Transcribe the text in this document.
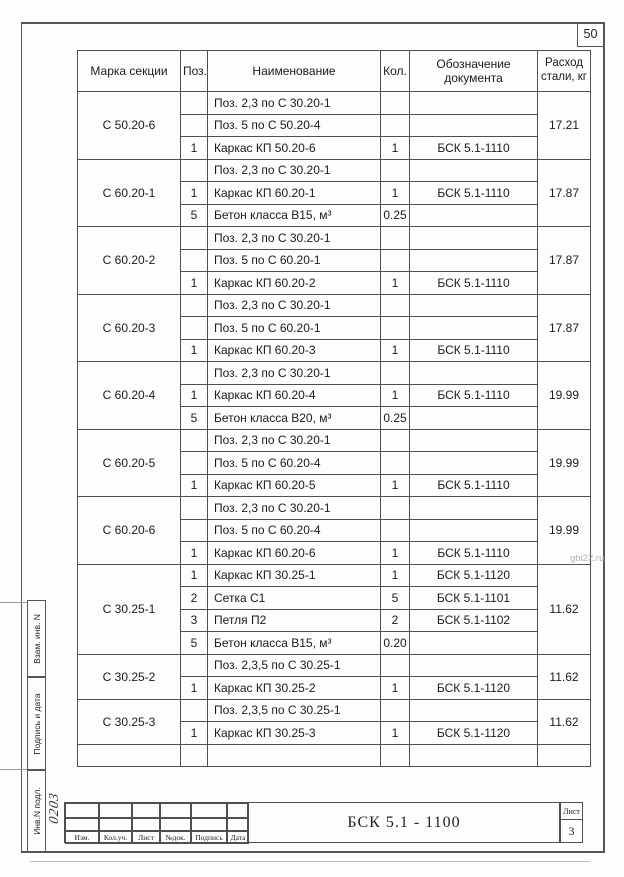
50
Марка секции	Поз.	Наименование	Кол.	Обозначение документа	Расход стали, кг
С 50.20-6		Поз. 2,3 по С 30.20-1			17.21
		Поз. 5 по С 50.20-4			
	1	Каркас КП 50.20-6	1	БСК 5.1-1110	
С 60.20-1		Поз. 2,3 по С 30.20-1			17.87
	1	Каркас КП 60.20-1	1	БСК 5.1-1110	
	5	Бетон класса В15, м³	0.25		
С 60.20-2		Поз. 2,3 по С 30.20-1			17.87
		Поз. 5 по С 60.20-1			
	1	Каркас КП 60.20-2	1	БСК 5.1-1110	
С 60.20-3		Поз. 2,3 по С 30.20-1			17.87
		Поз. 5 по С 60.20-1			
	1	Каркас КП 60.20-3	1	БСК 5.1-1110	
С 60.20-4		Поз. 2,3 по С 30.20-1			19.99
	1	Каркас КП 60.20-4	1	БСК 5.1-1110	
	5	Бетон класса В20, м³	0.25		
С 60.20-5		Поз. 2,3 по С 30.20-1			19.99
		Поз. 5 по С 60.20-4			
	1	Каркас КП 60.20-5	1	БСК 5.1-1110	
С 60.20-6		Поз. 2,3 по С 30.20-1			19.99
		Поз. 5 по С 60.20-4			
	1	Каркас КП 60.20-6	1	БСК 5.1-1110	
С 30.25-1	1	Каркас КП 30.25-1	1	БСК 5.1-1120	11.62
	2	Сетка С1	5	БСК 5.1-1101	
	3	Петля П2	2	БСК 5.1-1102	
	5	Бетон класса В15, м³	0.20		
С 30.25-2		Поз. 2,3,5 по С 30.25-1			11.62
	1	Каркас КП 30.25-2	1	БСК 5.1-1120	
С 30.25-3		Поз. 2,3,5 по С 30.25-1			11.62
	1	Каркас КП 30.25-3	1	БСК 5.1-1120	

Взам. инв. N
Подпись и дата
Инв.N подл. 0203
Изм.	Кол.уч.	Лист	№док.	Подпись	Дата
БСК 5.1 - 1100
Лист
3
gbi22.ru
